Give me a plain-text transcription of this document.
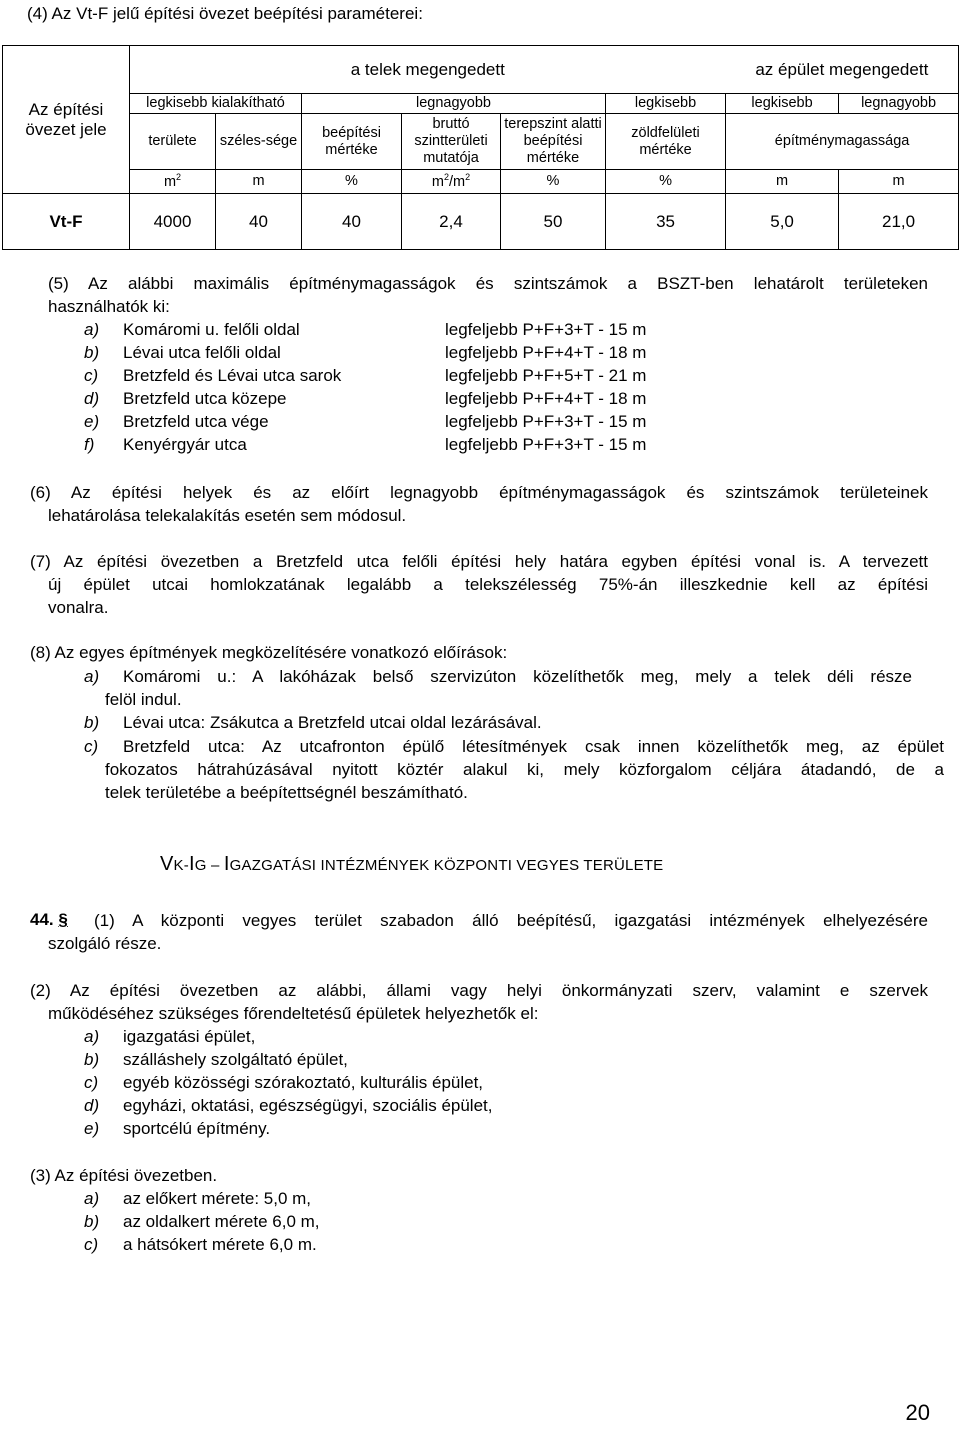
(4) Az Vt-F jelű építési övezet beépítési paraméterei:
Az építési övezet jele	a telek megengedett						az épület megengedett	
	legkisebb kialakítható		legnagyobb			legkisebb	legkisebb	legnagyobb
	területe	széles-sége	beépítési mértéke	bruttó szintterületi mutatója	terepszint alatti beépítési mértéke	zöldfelületi mértéke	építménymagassága	
	$m^2$	m	%	$m^2/m^2$	%	%	m	m
Vt-F	4000	40	40	2,4	50	35	5,0	21,0
(5) Az alábbi maximális építménymagasságok és szintszámok a BSZT-ben lehatárolt területeken
használhatók ki:
a) Komáromi u. felőli oldal	legfeljebb P+F+3+T - 15 m
b) Lévai utca felőli oldal	legfeljebb P+F+4+T - 18 m
c) Bretzfeld és Lévai utca sarok	legfeljebb P+F+5+T - 21 m
d) Bretzfeld utca közepe	legfeljebb P+F+4+T - 18 m
e) Bretzfeld utca vége	legfeljebb P+F+3+T - 15 m
f) Kenyérgyár utca	legfeljebb P+F+3+T - 15 m
(6) Az építési helyek és az előírt legnagyobb építménymagasságok és szintszámok területeinek
lehatárolása telekalakítás esetén sem módosul.
(7) Az építési övezetben a Bretzfeld utca felőli építési hely határa egyben építési vonal is. A tervezett
új épület utcai homlokzatának legalább a telekszélesség 75%-án illeszkednie kell az építési
vonalra.
(8) Az egyes építmények megközelítésére vonatkozó előírások:
a) Komáromi u.: A lakóházak belső szervizúton közelíthetők meg, mely a telek déli része
felöl indul.
b) Lévai utca: Zsákutca a Bretzfeld utcai oldal lezárásával.
c) Bretzfeld utca: Az utcafronton épülő létesítmények csak innen közelíthetők meg, az épület
fokozatos hátrahúzásával nyitott köztér alakul ki, mely közforgalom céljára átadandó, de a
telek területébe a beépítettségnél beszámítható.
VK-IG – IGAZGATÁSI INTÉZMÉNYEK KÖZPONTI VEGYES TERÜLETE
44. § (1) A központi vegyes terület szabadon álló beépítésű, igazgatási intézmények elhelyezésére
szolgáló része.
(2) Az építési övezetben az alábbi, állami vagy helyi önkormányzati szerv, valamint e szervek
működéséhez szükséges főrendeltetésű épületek helyezhetők el:
a) igazgatási épület,
b) szálláshely szolgáltató épület,
c) egyéb közösségi szórakoztató, kulturális épület,
d) egyházi, oktatási, egészségügyi, szociális épület,
e) sportcélú építmény.
(3) Az építési övezetben.
a) az előkert mérete: 5,0 m,
b) az oldalkert mérete 6,0 m,
c) a hátsókert mérete 6,0 m.
20
